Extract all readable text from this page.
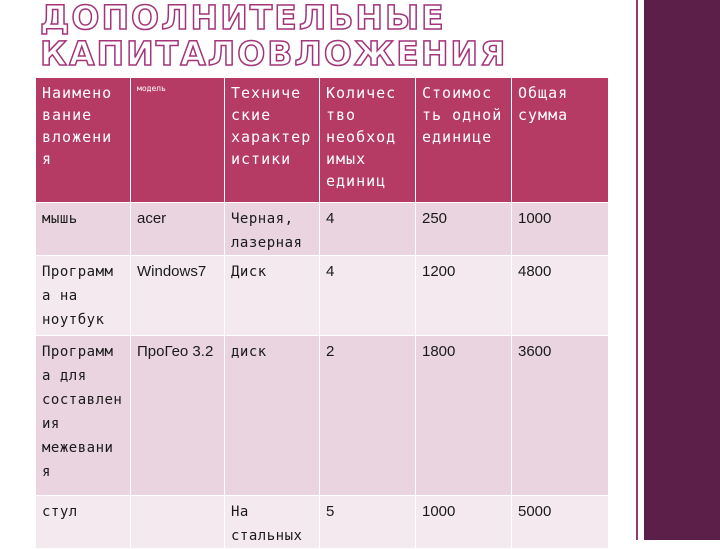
ДОПОЛНИТЕЛЬНЫЕ
КАПИТАЛОВЛОЖЕНИЯ
Наимено вание вложени я	модель	Техниче ские характер истики	Количес тво необход имых единиц	Стоимос ть одной единице	Общая сумма
мышь	acer	Черная, лазерная	4	250	1000
Программ а на ноутбук	Windows7	Диск	4	1200	4800
Программ а для составлен ия межевани я	ПроГео 3.2	диск	2	1800	3600
стул		На стальных	5	1000	5000
